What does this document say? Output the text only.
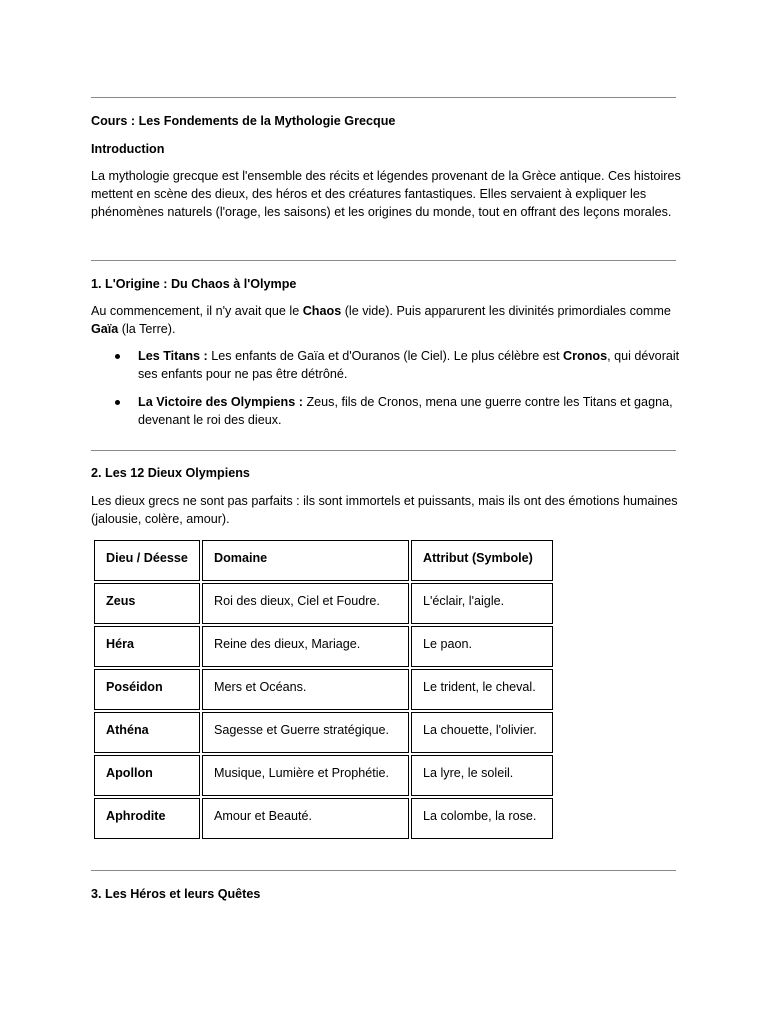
Cours : Les Fondements de la Mythologie Grecque
Introduction

La mythologie grecque est l'ensemble des récits et légendes provenant de la Grèce antique. Ces histoires mettent en scène des dieux, des héros et des créatures fantastiques. Elles servaient à expliquer les phénomènes naturels (l'orage, les saisons) et les origines du monde, tout en offrant des leçons morales.

1. L'Origine : Du Chaos à l'Olympe

Au commencement, il n'y avait que le Chaos (le vide). Puis apparurent les divinités primordiales comme Gaïa (la Terre).

Les Titans : Les enfants de Gaïa et d'Ouranos (le Ciel). Le plus célèbre est Cronos, qui dévorait ses enfants pour ne pas être détrôné.
La Victoire des Olympiens : Zeus, fils de Cronos, mena une guerre contre les Titans et gagna, devenant le roi des dieux.
2. Les 12 Dieux Olympiens

Les dieux grecs ne sont pas parfaits : ils sont immortels et puissants, mais ils ont des émotions humaines (jalousie, colère, amour).

Dieu / Déesse	Domaine	Attribut (Symbole)
Zeus	Roi des dieux, Ciel et Foudre.	L'éclair, l'aigle.
Héra	Reine des dieux, Mariage.	Le paon.
Poséidon	Mers et Océans.	Le trident, le cheval.
Athéna	Sagesse et Guerre stratégique.	La chouette, l'olivier.
Apollon	Musique, Lumière et Prophétie.	La lyre, le soleil.
Aphrodite	Amour et Beauté.	La colombe, la rose.
3. Les Héros et leurs Quêtes
